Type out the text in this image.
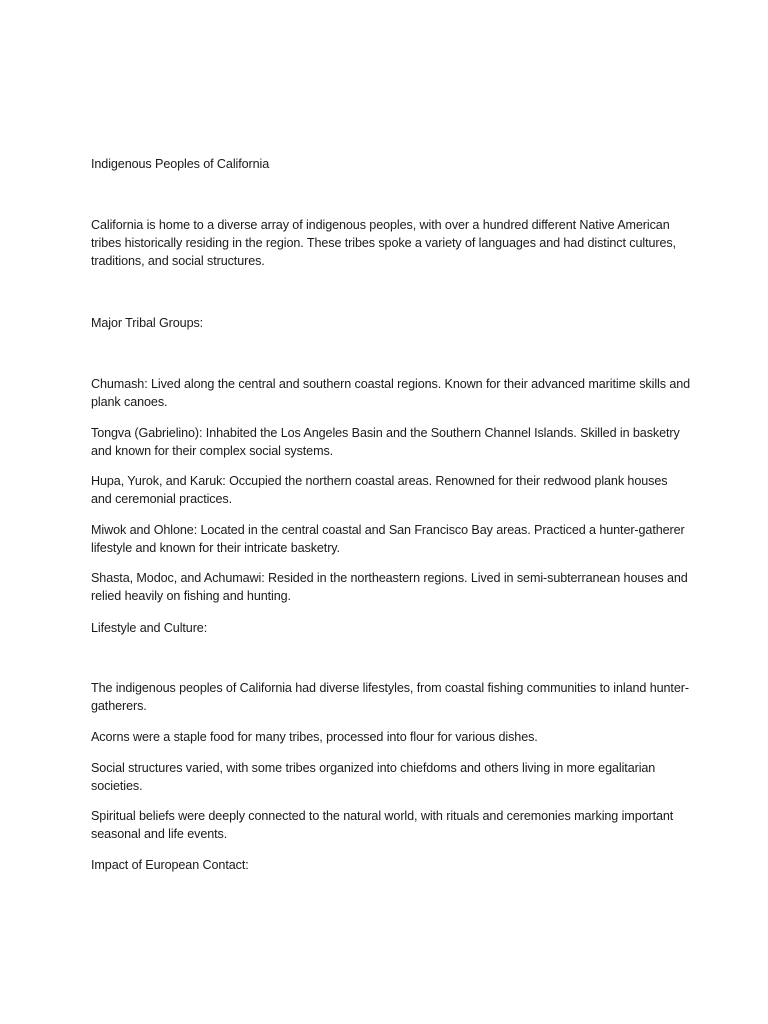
Indigenous Peoples of California

California is home to a diverse array of indigenous peoples, with over a hundred different Native American tribes historically residing in the region. These tribes spoke a variety of languages and had distinct cultures, traditions, and social structures.

Major Tribal Groups:

Chumash: Lived along the central and southern coastal regions. Known for their advanced maritime skills and plank canoes.

Tongva (Gabrielino): Inhabited the Los Angeles Basin and the Southern Channel Islands. Skilled in basketry and known for their complex social systems.

Hupa, Yurok, and Karuk: Occupied the northern coastal areas. Renowned for their redwood plank houses and ceremonial practices.

Miwok and Ohlone: Located in the central coastal and San Francisco Bay areas. Practiced a hunter-gatherer lifestyle and known for their intricate basketry.

Shasta, Modoc, and Achumawi: Resided in the northeastern regions. Lived in semi-subterranean houses and relied heavily on fishing and hunting.

Lifestyle and Culture:

The indigenous peoples of California had diverse lifestyles, from coastal fishing communities to inland hunter-gatherers.

Acorns were a staple food for many tribes, processed into flour for various dishes.

Social structures varied, with some tribes organized into chiefdoms and others living in more egalitarian societies.

Spiritual beliefs were deeply connected to the natural world, with rituals and ceremonies marking important seasonal and life events.

Impact of European Contact:
